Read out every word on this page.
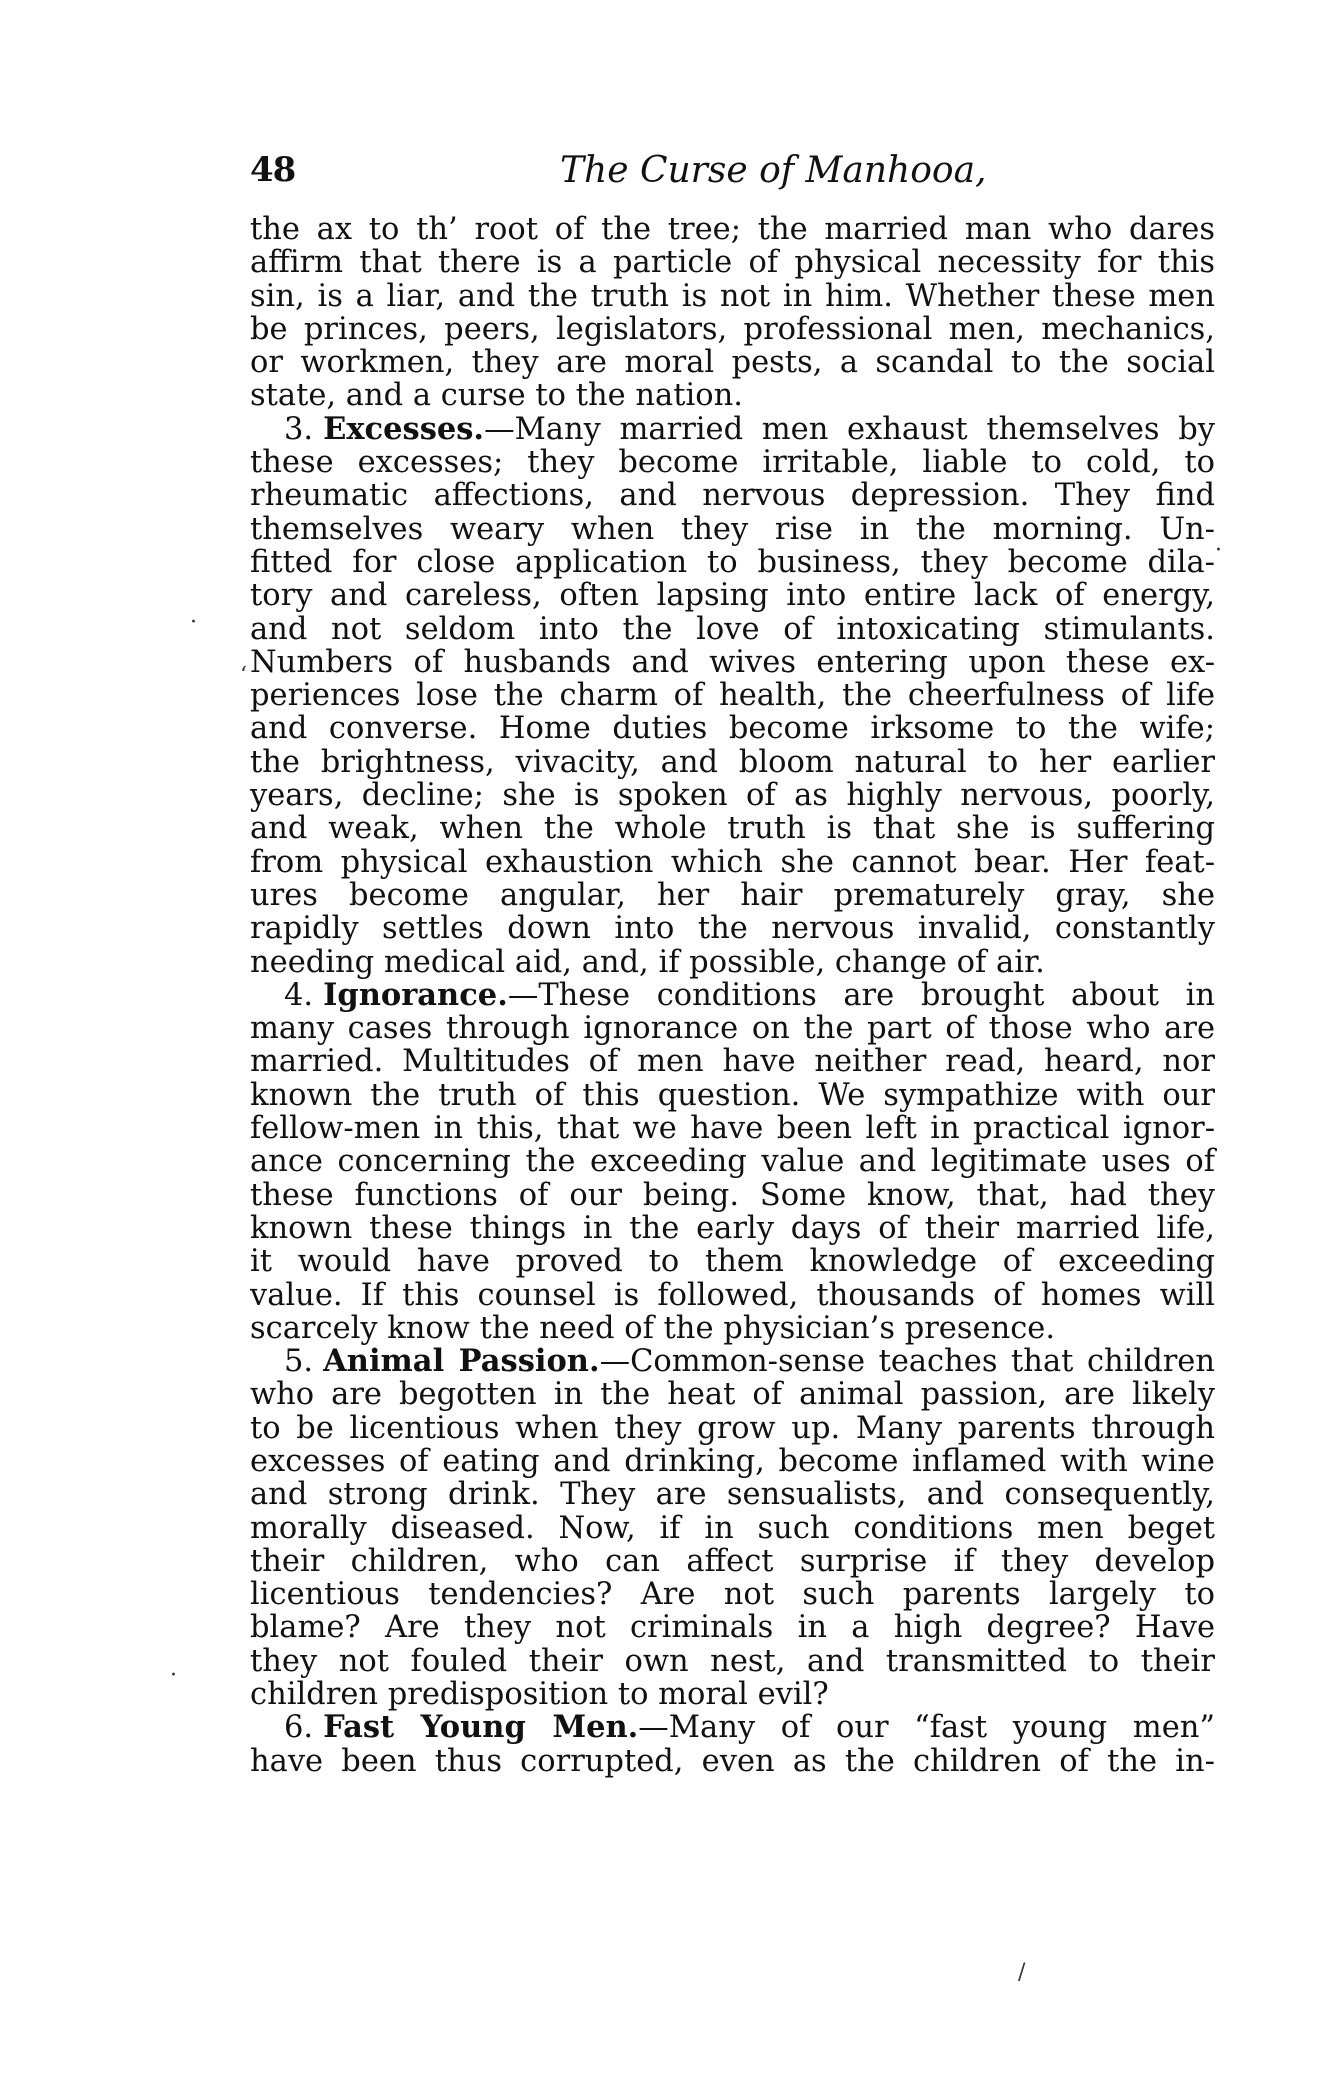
48	The Curse of Manhooa,
the ax to th’ root of the tree; the married man who dares
affirm that there is a particle of physical necessity for this
sin, is a liar, and the truth is not in him. Whether these men
be princes, peers, legislators, professional men, mechanics,
or workmen, they are moral pests, a scandal to the social
state, and a curse to the nation.
3. Excesses.—Many married men exhaust themselves by
these excesses; they become irritable, liable to cold, to
rheumatic affections, and nervous depression. They find
themselves weary when they rise in the morning. Un-
fitted for close application to business, they become dila-
tory and careless, often lapsing into entire lack of energy,
and not seldom into the love of intoxicating stimulants.
Numbers of husbands and wives entering upon these ex-
periences lose the charm of health, the cheerfulness of life
and converse. Home duties become irksome to the wife;
the brightness, vivacity, and bloom natural to her earlier
years, decline; she is spoken of as highly nervous, poorly,
and weak, when the whole truth is that she is suffering
from physical exhaustion which she cannot bear. Her feat-
ures become angular, her hair prematurely gray, she
rapidly settles down into the nervous invalid, constantly
needing medical aid, and, if possible, change of air.
4. Ignorance.—These conditions are brought about in
many cases through ignorance on the part of those who are
married. Multitudes of men have neither read, heard, nor
known the truth of this question. We sympathize with our
fellow-men in this, that we have been left in practical ignor-
ance concerning the exceeding value and legitimate uses of
these functions of our being. Some know, that, had they
known these things in the early days of their married life,
it would have proved to them knowledge of exceeding
value. If this counsel is followed, thousands of homes will
scarcely know the need of the physician’s presence.
5. Animal Passion.—Common-sense teaches that children
who are begotten in the heat of animal passion, are likely
to be licentious when they grow up. Many parents through
excesses of eating and drinking, become inflamed with wine
and strong drink. They are sensualists, and consequently,
morally diseased. Now, if in such conditions men beget
their children, who can affect surprise if they develop
licentious tendencies? Are not such parents largely to
blame? Are they not criminals in a high degree? Have
they not fouled their own nest, and transmitted to their
children predisposition to moral evil?
6. Fast Young Men.—Many of our “fast young men”
have been thus corrupted, even as the children of the in-
‘
·
·
/
·
